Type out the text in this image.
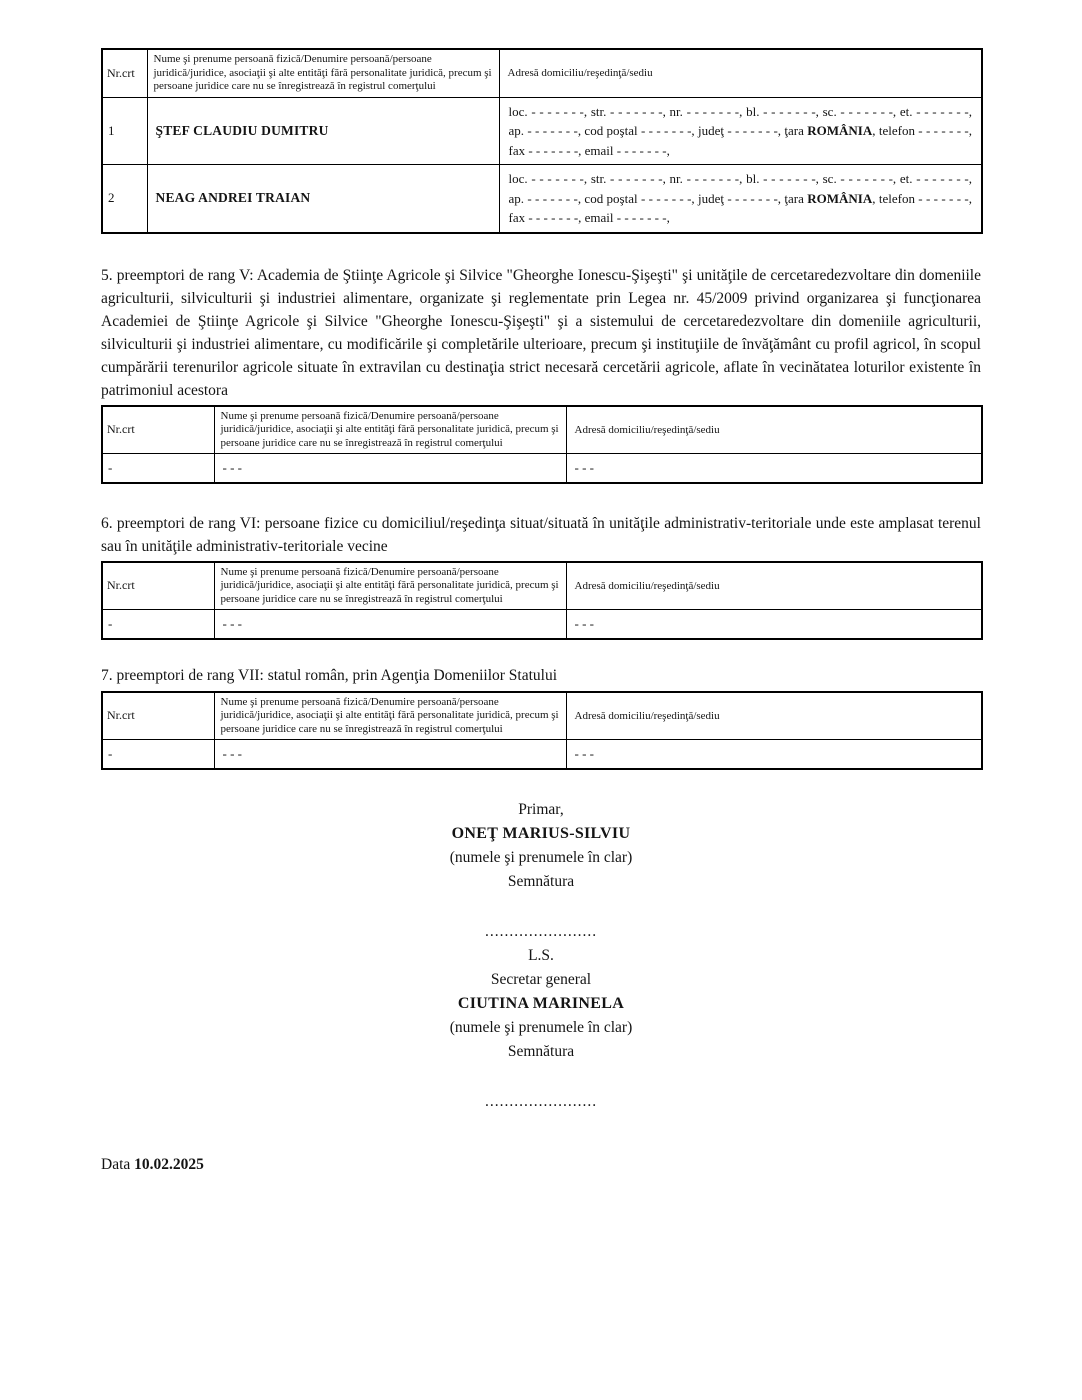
Nr.crt	Nume şi prenume persoană fizică/Denumire persoană/persoane juridică/juridice, asociaţii şi alte entităţi fără personalitate juridică, precum şi persoane juridice care nu se înregistrează în registrul comerţului	Adresă domiciliu/reşedinţă/sediu
1	ŞTEF CLAUDIU DUMITRU	loc. - - - - - - -, str. - - - - - - -, nr. - - - - - - -, bl. - - - - - - -, sc. - - - - - - -, et. - - - - - - -,
ap. - - - - - - -, cod poştal - - - - - - -, judeţ - - - - - - -, ţara ROMÂNIA, telefon - - - - - - -,
fax - - - - - - -, email - - - - - - -,

2	NEAG ANDREI TRAIAN	loc. - - - - - - -, str. - - - - - - -, nr. - - - - - - -, bl. - - - - - - -, sc. - - - - - - -, et. - - - - - - -,
ap. - - - - - - -, cod poştal - - - - - - -, judeţ - - - - - - -, ţara ROMÂNIA, telefon - - - - - - -,
fax - - - - - - -, email - - - - - - -,

5. preemptori de rang V: Academia de Ştiinţe Agricole şi Silvice "Gheorghe Ionescu-Şişeşti" şi unităţile de cercetaredezvoltare din domeniile agriculturii, silviculturii şi industriei alimentare, organizate şi reglementate prin Legea nr. 45/2009 privind organizarea şi funcţionarea Academiei de Ştiinţe Agricole şi Silvice "Gheorghe Ionescu-Şişeşti" şi a sistemului de cercetaredezvoltare din domeniile agriculturii, silviculturii şi industriei alimentare, cu modificările şi completările ulterioare, precum şi instituţiile de învăţământ cu profil agricol, în scopul cumpărării terenurilor agricole situate în extravilan cu destinaţia strict necesară cercetării agricole, aflate în vecinătatea loturilor existente în patrimoniul acestora

Nr.crt	Nume şi prenume persoană fizică/Denumire persoană/persoane juridică/juridice, asociaţii şi alte entităţi fără personalitate juridică, precum şi persoane juridice care nu se înregistrează în registrul comerţului	Adresă domiciliu/reşedinţă/sediu
-	- - -	- - -

6. preemptori de rang VI: persoane fizice cu domiciliul/reşedinţa situat/situată în unităţile administrativ-teritoriale unde este amplasat terenul sau în unităţile administrativ-teritoriale vecine

Nr.crt	Nume şi prenume persoană fizică/Denumire persoană/persoane juridică/juridice, asociaţii şi alte entităţi fără personalitate juridică, precum şi persoane juridice care nu se înregistrează în registrul comerţului	Adresă domiciliu/reşedinţă/sediu
-	- - -	- - -

7. preemptori de rang VII: statul român, prin Agenţia Domeniilor Statului

Nr.crt	Nume şi prenume persoană fizică/Denumire persoană/persoane juridică/juridice, asociaţii şi alte entităţi fără personalitate juridică, precum şi persoane juridice care nu se înregistrează în registrul comerţului	Adresă domiciliu/reşedinţă/sediu
-	- - -	- - -
Primar,
ONEŢ MARIUS-SILVIU
(numele şi prenumele în clar)
Semnătura
.......................
L.S.
Secretar general
CIUTINA MARINELA
(numele şi prenumele în clar)
Semnătura
.......................

Data 10.02.2025
